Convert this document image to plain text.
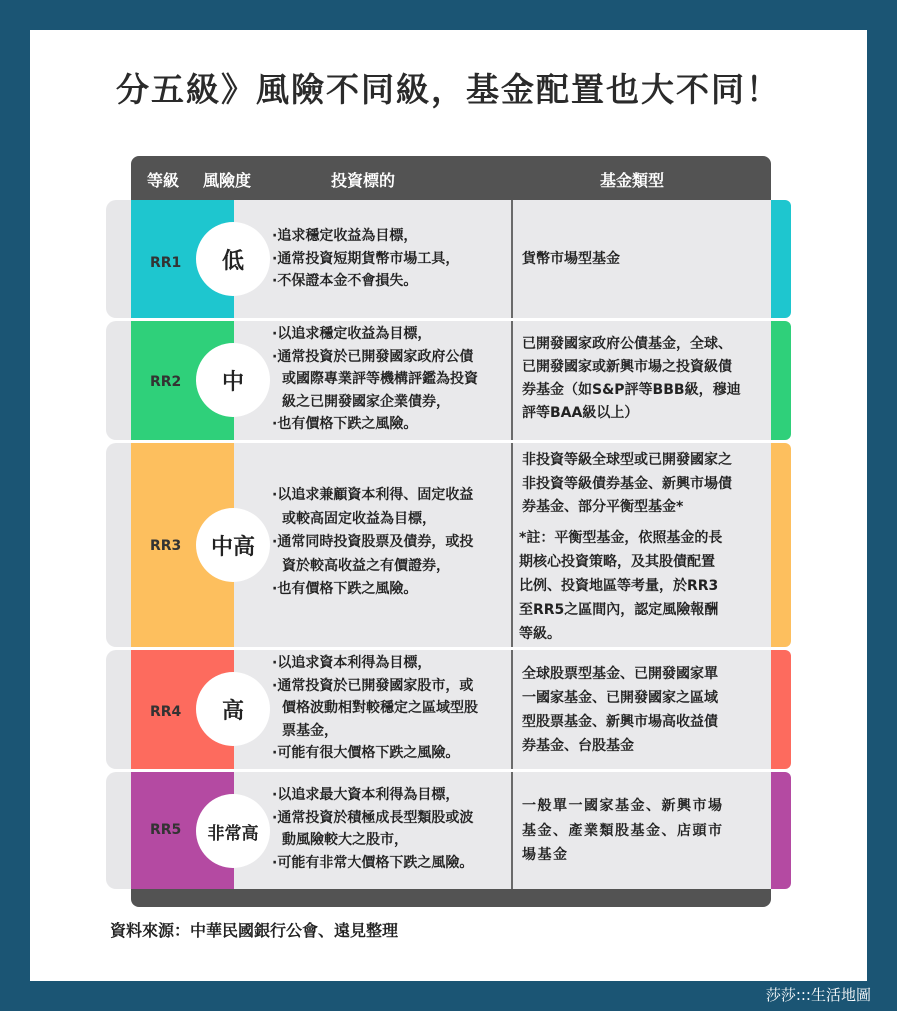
分五級》風險不同級，基金配置也大不同！
等級 風險度	投資標的	基金類型
RR1 低
·追求穩定收益為目標，
·通常投資短期貨幣市場工具，
·不保證本金不會損失。
貨幣市場型基金
RR2 中
·以追求穩定收益為目標，
·通常投資於已開發國家政府公債
或國際專業評等機構評鑑為投資
級之已開發國家企業債券，
·也有價格下跌之風險。
已開發國家政府公債基金，全球、
已開發國家或新興市場之投資級債
券基金（如S&P評等BBB級，穆迪
評等BAA級以上）
RR3 中高
·以追求兼顧資本利得、固定收益
或較高固定收益為目標，
·通常同時投資股票及債券，或投
資於較高收益之有價證券，
·也有價格下跌之風險。
非投資等級全球型或已開發國家之
非投資等級債券基金、新興市場債
券基金、部分平衡型基金*
*註：平衡型基金，依照基金的長
期核心投資策略，及其股債配置
比例、投資地區等考量，於RR3
至RR5之區間內，認定風險報酬
等級。
RR4 高
·以追求資本利得為目標，
·通常投資於已開發國家股市，或
價格波動相對較穩定之區域型股
票基金，
·可能有很大價格下跌之風險。
全球股票型基金、已開發國家單
一國家基金、已開發國家之區域
型股票基金、新興市場高收益債
券基金、台股基金
RR5 非常高
·以追求最大資本利得為目標，
·通常投資於積極成長型類股或波
動風險較大之股市，
·可能有非常大價格下跌之風險。
一般單一國家基金、新興市場
基金、產業類股基金、店頭市
場基金
資料來源：中華民國銀行公會、遠見整理
莎莎:::生活地圖
